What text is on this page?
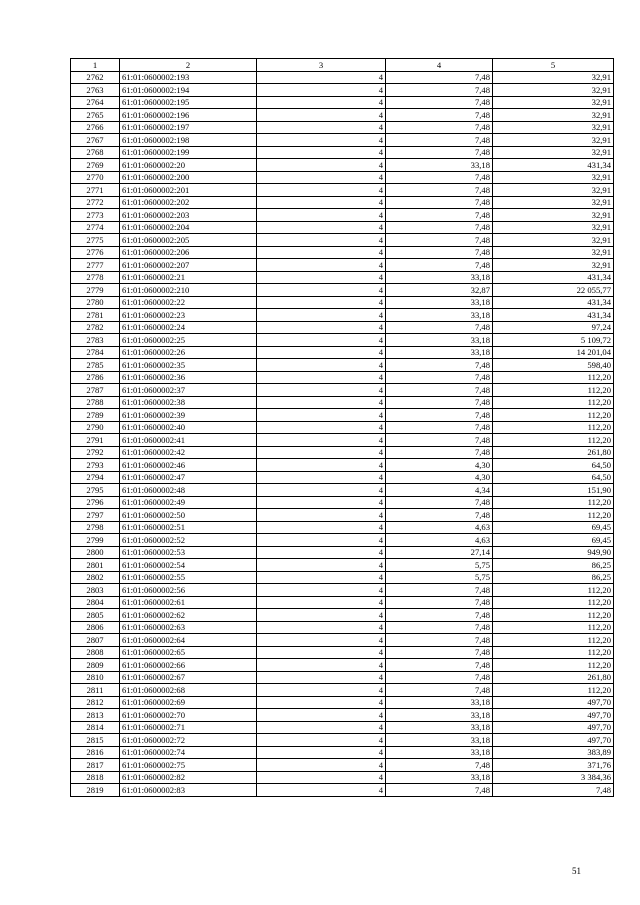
1	2	3	4	5
2762	61:01:0600002:193	4	7,48	32,91
2763	61:01:0600002:194	4	7,48	32,91
2764	61:01:0600002:195	4	7,48	32,91
2765	61:01:0600002:196	4	7,48	32,91
2766	61:01:0600002:197	4	7,48	32,91
2767	61:01:0600002:198	4	7,48	32,91
2768	61:01:0600002:199	4	7,48	32,91
2769	61:01:0600002:20	4	33,18	431,34
2770	61:01:0600002:200	4	7,48	32,91
2771	61:01:0600002:201	4	7,48	32,91
2772	61:01:0600002:202	4	7,48	32,91
2773	61:01:0600002:203	4	7,48	32,91
2774	61:01:0600002:204	4	7,48	32,91
2775	61:01:0600002:205	4	7,48	32,91
2776	61:01:0600002:206	4	7,48	32,91
2777	61:01:0600002:207	4	7,48	32,91
2778	61:01:0600002:21	4	33,18	431,34
2779	61:01:0600002:210	4	32,87	22 055,77
2780	61:01:0600002:22	4	33,18	431,34
2781	61:01:0600002:23	4	33,18	431,34
2782	61:01:0600002:24	4	7,48	97,24
2783	61:01:0600002:25	4	33,18	5 109,72
2784	61:01:0600002:26	4	33,18	14 201,04
2785	61:01:0600002:35	4	7,48	598,40
2786	61:01:0600002:36	4	7,48	112,20
2787	61:01:0600002:37	4	7,48	112,20
2788	61:01:0600002:38	4	7,48	112,20
2789	61:01:0600002:39	4	7,48	112,20
2790	61:01:0600002:40	4	7,48	112,20
2791	61:01:0600002:41	4	7,48	112,20
2792	61:01:0600002:42	4	7,48	261,80
2793	61:01:0600002:46	4	4,30	64,50
2794	61:01:0600002:47	4	4,30	64,50
2795	61:01:0600002:48	4	4,34	151,90
2796	61:01:0600002:49	4	7,48	112,20
2797	61:01:0600002:50	4	7,48	112,20
2798	61:01:0600002:51	4	4,63	69,45
2799	61:01:0600002:52	4	4,63	69,45
2800	61:01:0600002:53	4	27,14	949,90
2801	61:01:0600002:54	4	5,75	86,25
2802	61:01:0600002:55	4	5,75	86,25
2803	61:01:0600002:56	4	7,48	112,20
2804	61:01:0600002:61	4	7,48	112,20
2805	61:01:0600002:62	4	7,48	112,20
2806	61:01:0600002:63	4	7,48	112,20
2807	61:01:0600002:64	4	7,48	112,20
2808	61:01:0600002:65	4	7,48	112,20
2809	61:01:0600002:66	4	7,48	112,20
2810	61:01:0600002:67	4	7,48	261,80
2811	61:01:0600002:68	4	7,48	112,20
2812	61:01:0600002:69	4	33,18	497,70
2813	61:01:0600002:70	4	33,18	497,70
2814	61:01:0600002:71	4	33,18	497,70
2815	61:01:0600002:72	4	33,18	497,70
2816	61:01:0600002:74	4	33,18	383,89
2817	61:01:0600002:75	4	7,48	371,76
2818	61:01:0600002:82	4	33,18	3 384,36
2819	61:01:0600002:83	4	7,48	7,48
51
